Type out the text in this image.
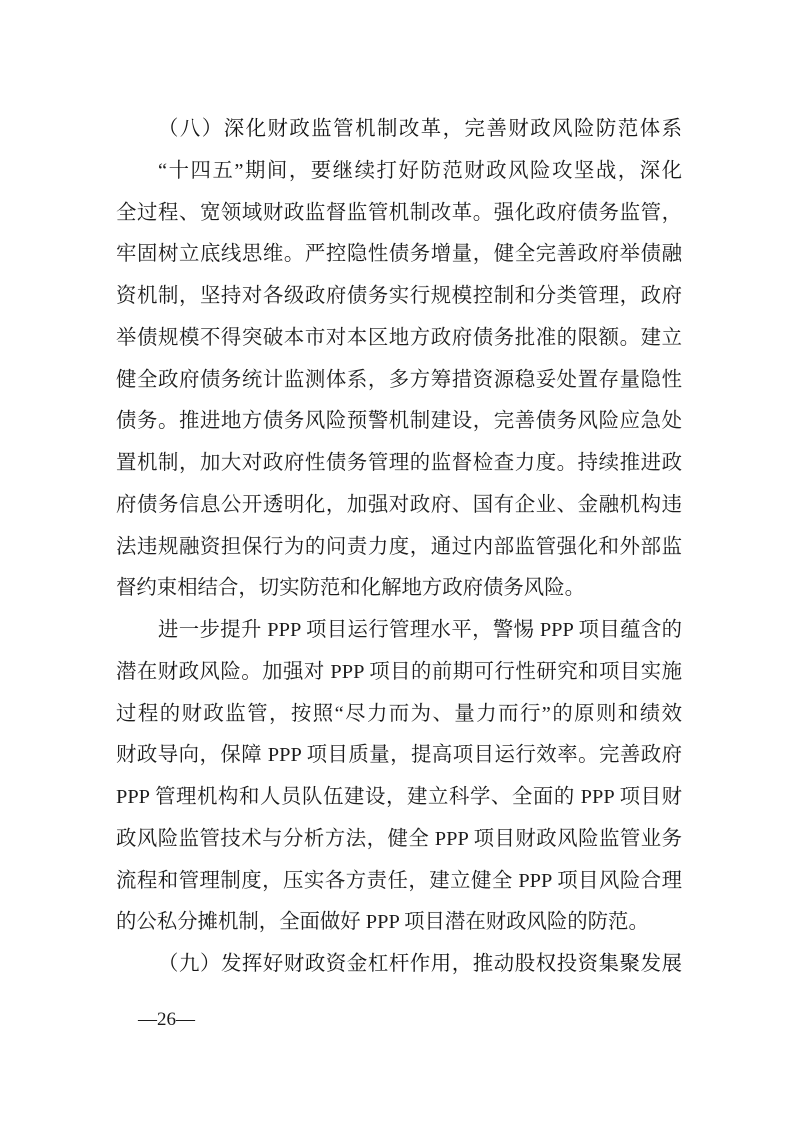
（八）深化财政监管机制改革，完善财政风险防范体系
“十四五”期间，要继续打好防范财政风险攻坚战，深化
全过程、宽领域财政监督监管机制改革。强化政府债务监管，
牢固树立底线思维。严控隐性债务增量，健全完善政府举债融
资机制，坚持对各级政府债务实行规模控制和分类管理，政府
举债规模不得突破本市对本区地方政府债务批准的限额。建立
健全政府债务统计监测体系，多方筹措资源稳妥处置存量隐性
债务。推进地方债务风险预警机制建设，完善债务风险应急处
置机制，加大对政府性债务管理的监督检查力度。持续推进政
府债务信息公开透明化，加强对政府、国有企业、金融机构违
法违规融资担保行为的问责力度，通过内部监管强化和外部监
督约束相结合，切实防范和化解地方政府债务风险。
进一步提升 PPP 项目运行管理水平，警惕 PPP 项目蕴含的
潜在财政风险。加强对 PPP 项目的前期可行性研究和项目实施
过程的财政监管，按照“尽力而为、量力而行”的原则和绩效
财政导向，保障 PPP 项目质量，提高项目运行效率。完善政府
PPP 管理机构和人员队伍建设，建立科学、全面的 PPP 项目财
政风险监管技术与分析方法，健全 PPP 项目财政风险监管业务
流程和管理制度，压实各方责任，建立健全 PPP 项目风险合理
的公私分摊机制，全面做好 PPP 项目潜在财政风险的防范。
（九）发挥好财政资金杠杆作用，推动股权投资集聚发展
—26—
